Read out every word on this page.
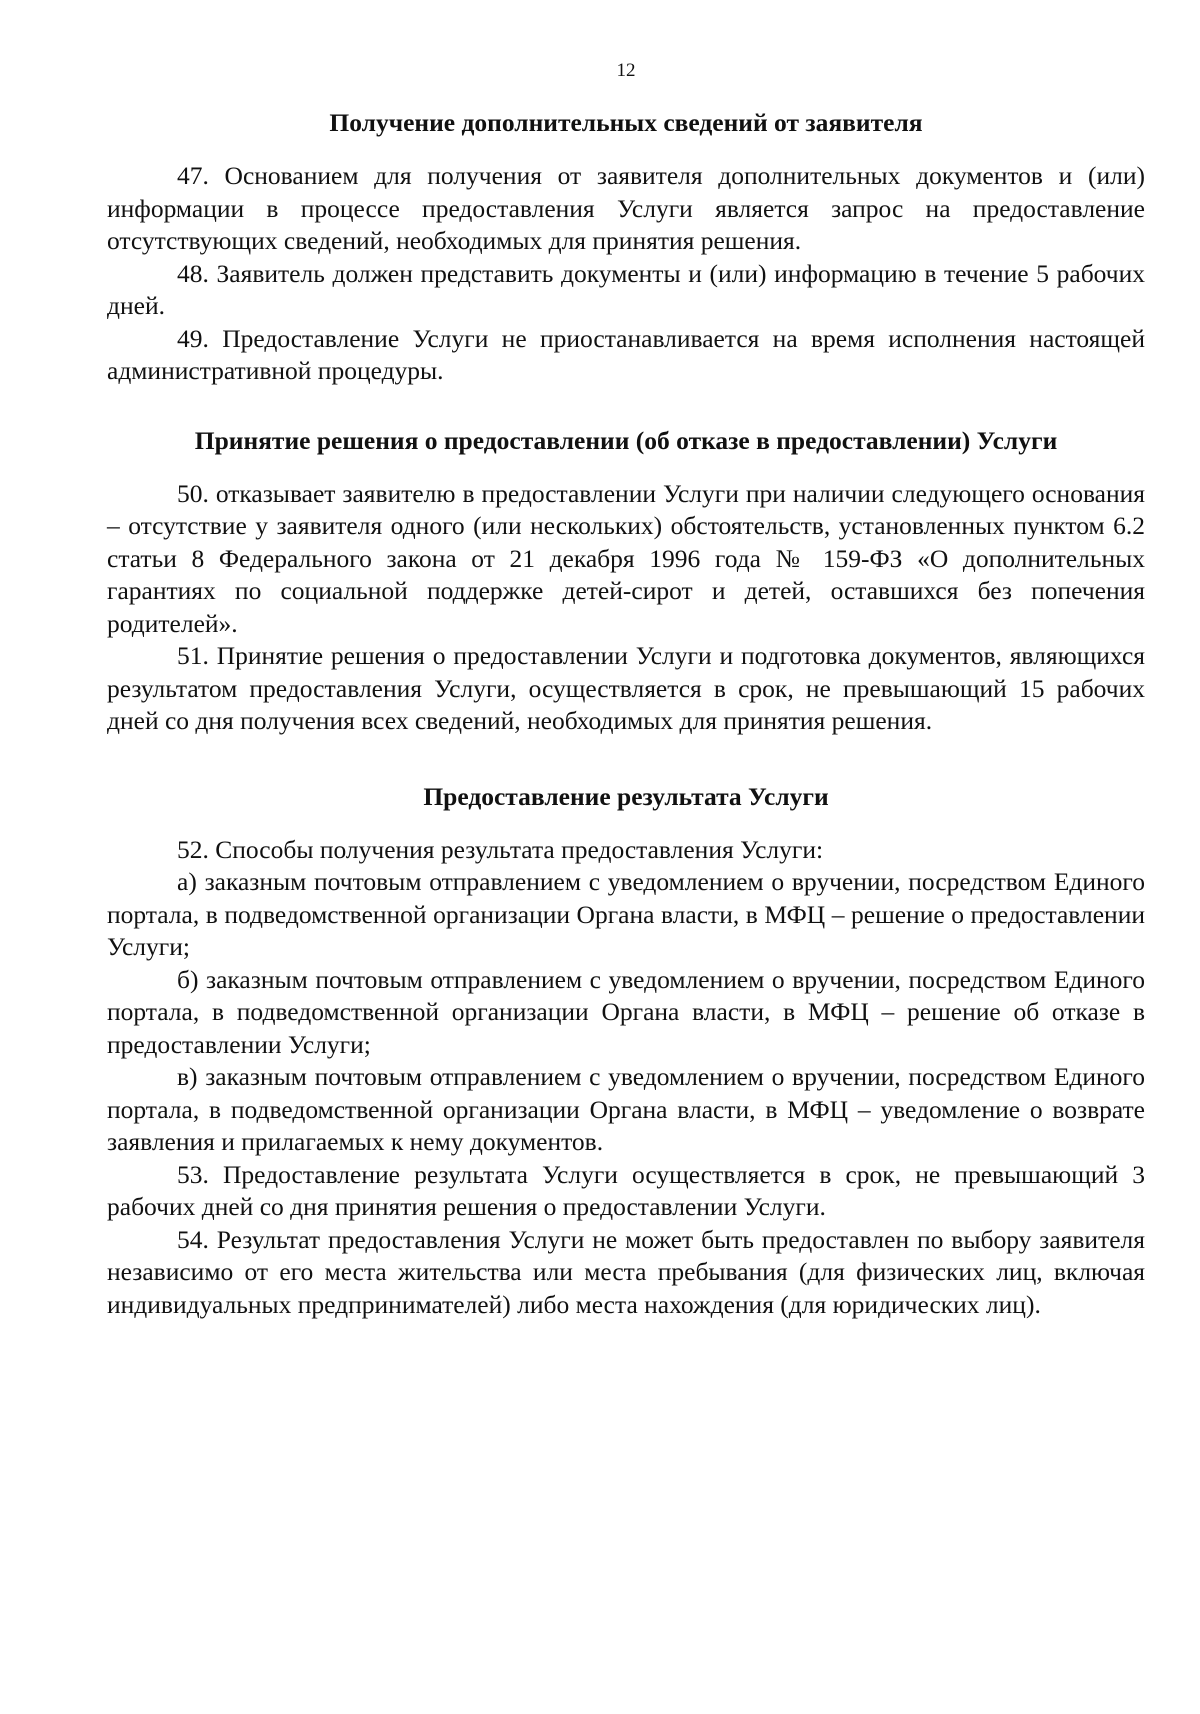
12
Получение дополнительных сведений от заявителя

47. Основанием для получения от заявителя дополнительных документов и (или) информации в процессе предоставления Услуги является запрос на предоставление отсутствующих сведений, необходимых для принятия решения.

48. Заявитель должен представить документы и (или) информацию в течение 5 рабочих дней.

49. Предоставление Услуги не приостанавливается на время исполнения настоящей административной процедуры.

Принятие решения о предоставлении (об отказе в предоставлении) Услуги

50. отказывает заявителю в предоставлении Услуги при наличии следующего основания – отсутствие у заявителя одного (или нескольких) обстоятельств, установленных пунктом 6.2 статьи 8 Федерального закона от 21 декабря 1996 года № 159-ФЗ «О дополнительных гарантиях по социальной поддержке детей-сирот и детей, оставшихся без попечения родителей».

51. Принятие решения о предоставлении Услуги и подготовка документов, являющихся результатом предоставления Услуги, осуществляется в срок, не превышающий 15 рабочих дней со дня получения всех сведений, необходимых для принятия решения.

Предоставление результата Услуги

52. Способы получения результата предоставления Услуги:

а) заказным почтовым отправлением с уведомлением о вручении, посредством Единого портала, в подведомственной организации Органа власти, в МФЦ – решение о предоставлении Услуги;

б) заказным почтовым отправлением с уведомлением о вручении, посредством Единого портала, в подведомственной организации Органа власти, в МФЦ – решение об отказе в предоставлении Услуги;

в) заказным почтовым отправлением с уведомлением о вручении, посредством Единого портала, в подведомственной организации Органа власти, в МФЦ – уведомление о возврате заявления и прилагаемых к нему документов.

53. Предоставление результата Услуги осуществляется в срок, не превышающий 3 рабочих дней со дня принятия решения о предоставлении Услуги.

54. Результат предоставления Услуги не может быть предоставлен по выбору заявителя независимо от его места жительства или места пребывания (для физических лиц, включая индивидуальных предпринимателей) либо места нахождения (для юридических лиц).
